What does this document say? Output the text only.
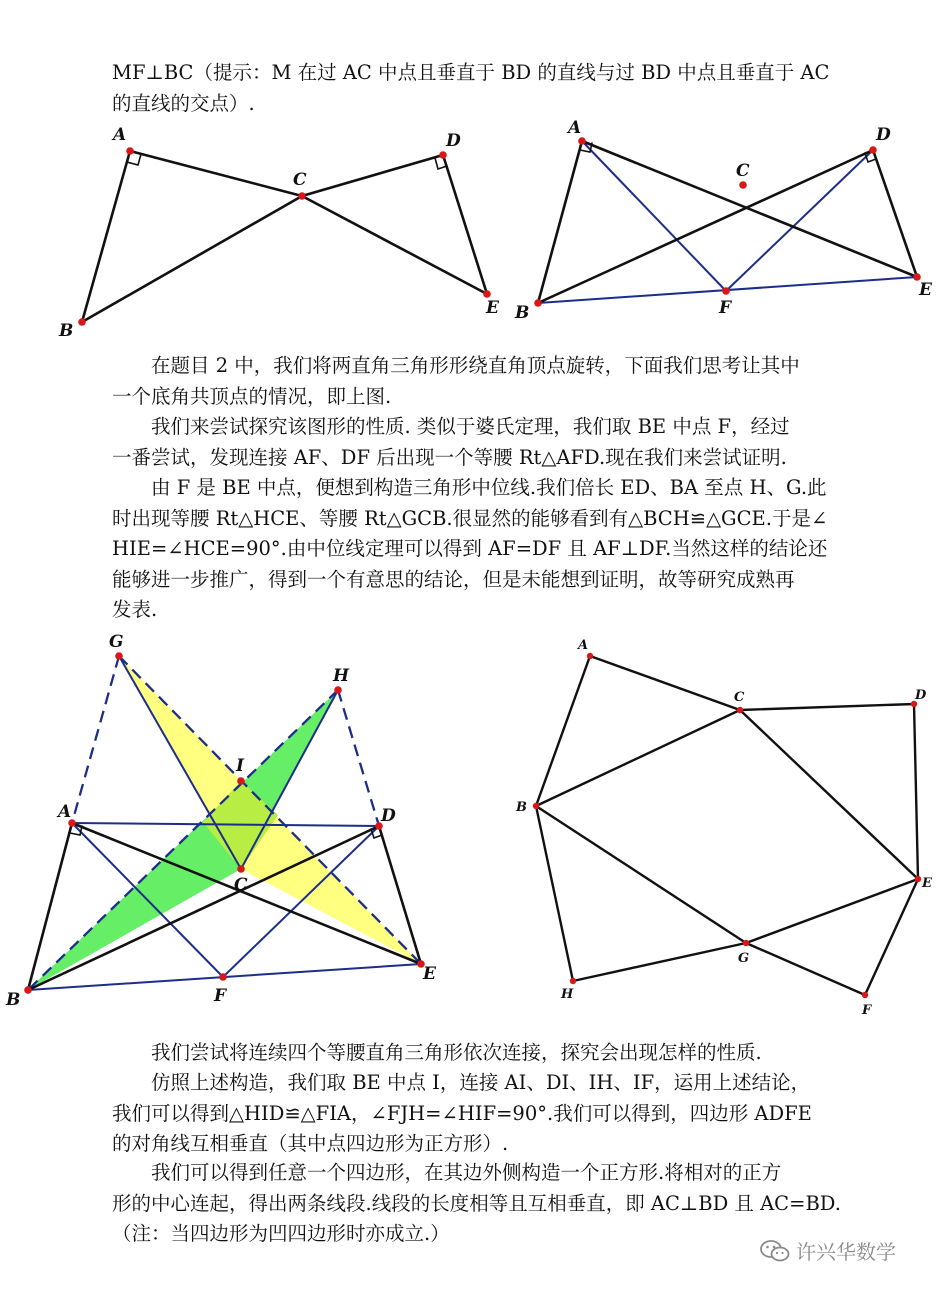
MF⊥BC（提示：M 在过 AC 中点且垂直于 BD 的直线与过 BD 中点且垂直于 AC
的直线的交点）.
A
B
C
D
E
A
B
C
D
E
F
G
H
I
A	D
C
B	F
E
A
B
C	D
E
F
G
H
在题目 2 中，我们将两直角三角形形绕直角顶点旋转，下面我们思考让其中
一个底角共顶点的情况，即上图.
我们来尝试探究该图形的性质. 类似于婆氏定理，我们取 BE 中点 F，经过
一番尝试，发现连接 AF、DF 后出现一个等腰 Rt△AFD.现在我们来尝试证明.
由 F 是 BE 中点，便想到构造三角形中位线.我们倍长 ED、BA 至点 H、G.此
时出现等腰 Rt△HCE、等腰 Rt△GCB.很显然的能够看到有△BCH≌△GCE.于是∠
HIE=∠HCE=90°.由中位线定理可以得到 AF=DF 且 AF⊥DF.当然这样的结论还
能够进一步推广，得到一个有意思的结论，但是未能想到证明，故等研究成熟再
发表.
我们尝试将连续四个等腰直角三角形依次连接，探究会出现怎样的性质.
仿照上述构造，我们取 BE 中点 I，连接 AI、DI、IH、IF，运用上述结论，
我们可以得到△HID≌△FIA，∠FJH=∠HIF=90°.我们可以得到，四边形 ADFE
的对角线互相垂直（其中点四边形为正方形）.
我们可以得到任意一个四边形，在其边外侧构造一个正方形.将相对的正方
形的中心连起，得出两条线段.线段的长度相等且互相垂直，即 AC⊥BD 且 AC=BD.
（注：当四边形为凹四边形时亦成立.）
许兴华数学
